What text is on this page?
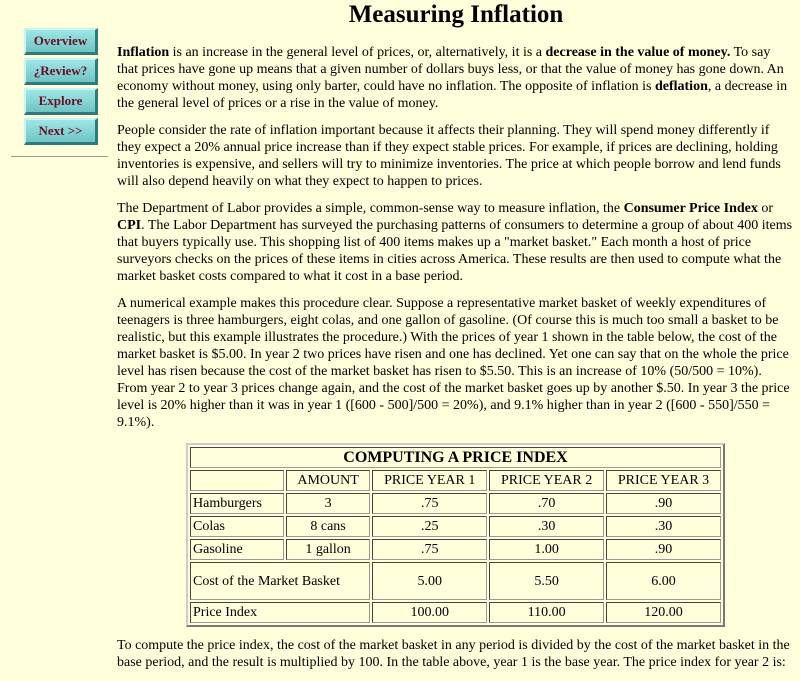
Measuring Inflation
Overview
¿Review?
Explore
Next >>

Inflation is an increase in the general level of prices, or, alternatively, it is a decrease in the value of money. To say that prices have gone up means that a given number of dollars buys less, or that the value of money has gone down. An economy without money, using only barter, could have no inflation. The opposite of inflation is deflation, a decrease in the general level of prices or a rise in the value of money.

People consider the rate of inflation important because it affects their planning. They will spend money differently if they expect a 20% annual price increase than if they expect stable prices. For example, if prices are declining, holding inventories is expensive, and sellers will try to minimize inventories. The price at which people borrow and lend funds will also depend heavily on what they expect to happen to prices.

The Department of Labor provides a simple, common-sense way to measure inflation, the Consumer Price Index or CPI. The Labor Department has surveyed the purchasing patterns of consumers to determine a group of about 400 items that buyers typically use. This shopping list of 400 items makes up a "market basket." Each month a host of price surveyors checks on the prices of these items in cities across America. These results are then used to compute what the market basket costs compared to what it cost in a base period.

A numerical example makes this procedure clear. Suppose a representative market basket of weekly expenditures of teenagers is three hamburgers, eight colas, and one gallon of gasoline. (Of course this is much too small a basket to be realistic, but this example illustrates the procedure.) With the prices of year 1 shown in the table below, the cost of the market basket is $5.00. In year 2 two prices have risen and one has declined. Yet one can say that on the whole the price level has risen because the cost of the market basket has risen to $5.50. This is an increase of 10% (50/500 = 10%). From year 2 to year 3 prices change again, and the cost of the market basket goes up by another $.50. In year 3 the price level is 20% higher than it was in year 1 ([600 - 500]/500 = 20%), and 9.1% higher than in year 2 ([600 - 550]/550 = 9.1%).

COMPUTING A PRICE INDEX				
	AMOUNT	PRICE YEAR 1	PRICE YEAR 2	PRICE YEAR 3
Hamburgers	3	.75	.70	.90
Colas	8 cans	.25	.30	.30
Gasoline	1 gallon	.75	1.00	.90
Cost of the Market Basket		5.00	5.50	6.00
Price Index		100.00	110.00	120.00

To compute the price index, the cost of the market basket in any period is divided by the cost of the market basket in the base period, and the result is multiplied by 100. In the table above, year 1 is the base year. The price index for year 2 is:
